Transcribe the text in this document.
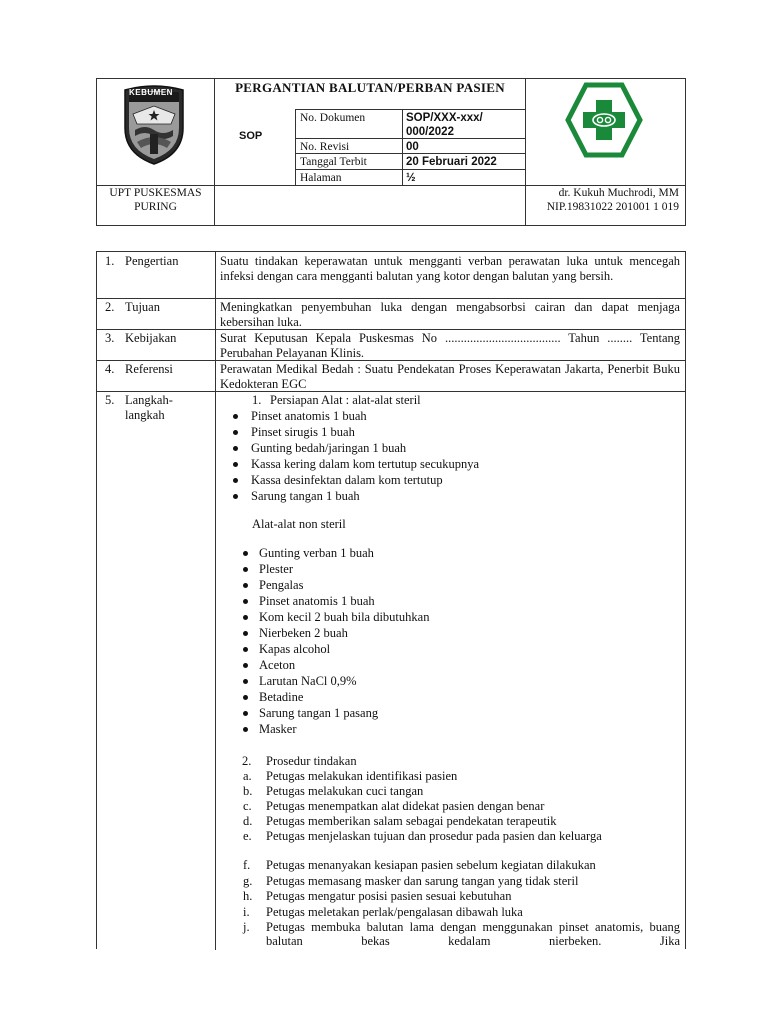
KEBUMEN	PERGANTIAN BALUTAN/PERBAN PASIEN
SOP
No. Dokumen
No. Revisi
Tanggal Terbit
Halaman
SOP/XXX-xxx/ 000/2022
00
20 Februari 2022
½
UPT PUSKESMAS PURING
dr. Kukuh Muchrodi, MM
NIP.19831022 201001 1 019
1. Pengertian
2. Tujuan
3. Kebijakan
4. Referensi
5. Langkah-langkah
Suatu tindakan keperawatan untuk mengganti verban perawatan luka untuk mencegah infeksi dengan cara mengganti balutan yang kotor dengan balutan yang bersih.
Meningkatkan penyembuhan luka dengan mengabsorbsi cairan dan dapat menjaga kebersihan luka.
Surat Keputusan Kepala Puskesmas No ..................................... Tahun ........ Tentang Perubahan Pelayanan Klinis.
Perawatan Medikal Bedah : Suatu Pendekatan Proses Keperawatan Jakarta, Penerbit Buku Kedokteran EGC
1. Persiapan Alat : alat-alat steril
Pinset anatomis 1 buah
Pinset sirugis 1 buah
Gunting bedah/jaringan 1 buah
Kassa kering dalam kom tertutup secukupnya
Kassa desinfektan dalam kom tertutup
Sarung tangan 1 buah
Alat-alat non steril
Gunting verban 1 buah
Plester
Pengalas
Pinset anatomis 1 buah
Kom kecil 2 buah bila dibutuhkan
Nierbeken 2 buah
Kapas alcohol
Aceton
Larutan NaCl 0,9%
Betadine
Sarung tangan 1 pasang
Masker
2. Prosedur tindakan
a. Petugas melakukan identifikasi pasien
b. Petugas melakukan cuci tangan
c. Petugas menempatkan alat didekat pasien dengan benar
d. Petugas memberikan salam sebagai pendekatan terapeutik
e. Petugas menjelaskan tujuan dan prosedur pada pasien dan keluarga
f. Petugas menanyakan kesiapan pasien sebelum kegiatan dilakukan
g. Petugas memasang masker dan sarung tangan yang tidak steril
h. Petugas mengatur posisi pasien sesuai kebutuhan
i. Petugas meletakan perlak/pengalasan dibawah luka
j. Petugas membuka balutan lama dengan menggunakan pinset anatomis, buang balutan bekas kedalam nierbeken. Jika
